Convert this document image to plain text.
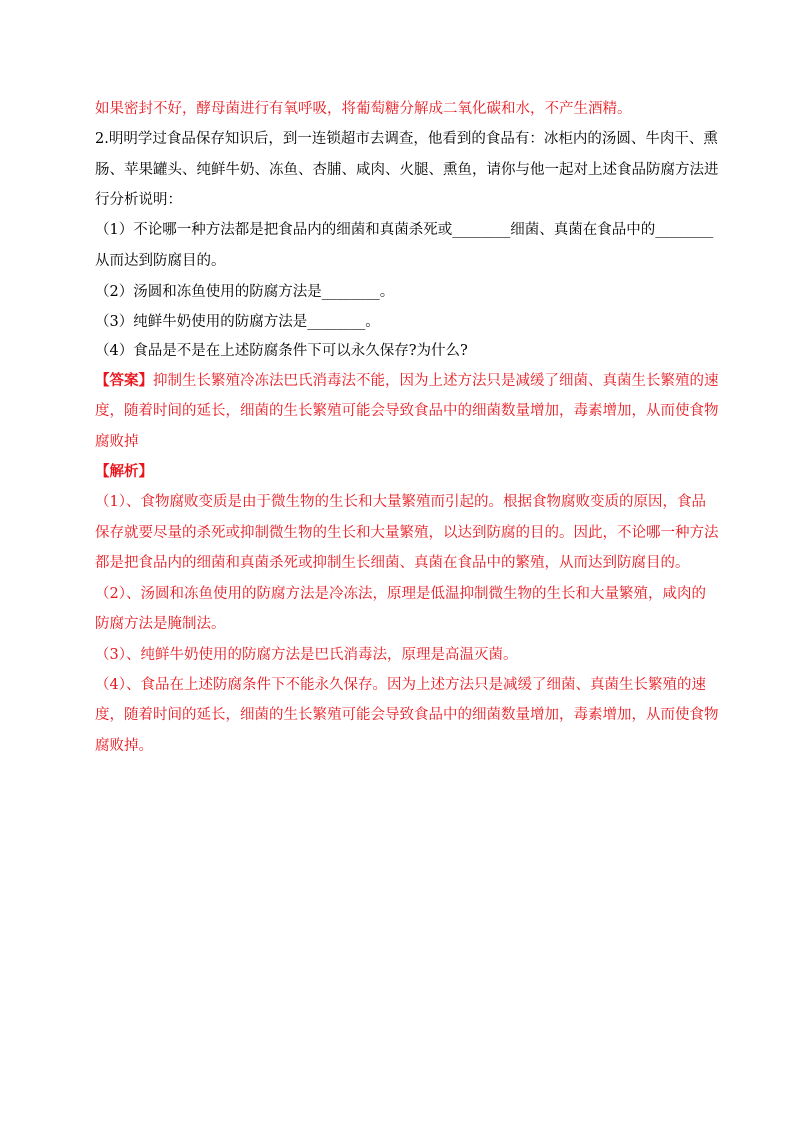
如果密封不好，酵母菌进行有氧呼吸，将葡萄糖分解成二氧化碳和水，不产生酒精。
2.明明学过食品保存知识后，到一连锁超市去调查，他看到的食品有：冰柜内的汤圆、牛肉干、熏
肠、苹果罐头、纯鲜牛奶、冻鱼、杏脯、咸肉、火腿、熏鱼，请你与他一起对上述食品防腐方法进
行分析说明：
（1）不论哪一种方法都是把食品内的细菌和真菌杀死或________细菌、真菌在食品中的________
从而达到防腐目的。
（2）汤圆和冻鱼使用的防腐方法是________。
（3）纯鲜牛奶使用的防腐方法是________。
（4）食品是不是在上述防腐条件下可以永久保存?为什么?
【答案】抑制生长繁殖冷冻法巴氏消毒法不能，因为上述方法只是减缓了细菌、真菌生长繁殖的速
度，随着时间的延长，细菌的生长繁殖可能会导致食品中的细菌数量增加，毒素增加，从而使食物
腐败掉
【解析】
（1）、食物腐败变质是由于微生物的生长和大量繁殖而引起的。根据食物腐败变质的原因，食品
保存就要尽量的杀死或抑制微生物的生长和大量繁殖，以达到防腐的目的。因此，不论哪一种方法
都是把食品内的细菌和真菌杀死或抑制生长细菌、真菌在食品中的繁殖，从而达到防腐目的。
（2）、汤圆和冻鱼使用的防腐方法是冷冻法，原理是低温抑制微生物的生长和大量繁殖，咸肉的
防腐方法是腌制法。
（3）、纯鲜牛奶使用的防腐方法是巴氏消毒法，原理是高温灭菌。
（4）、食品在上述防腐条件下不能永久保存。因为上述方法只是减缓了细菌、真菌生长繁殖的速
度，随着时间的延长，细菌的生长繁殖可能会导致食品中的细菌数量增加，毒素增加，从而使食物
腐败掉。
